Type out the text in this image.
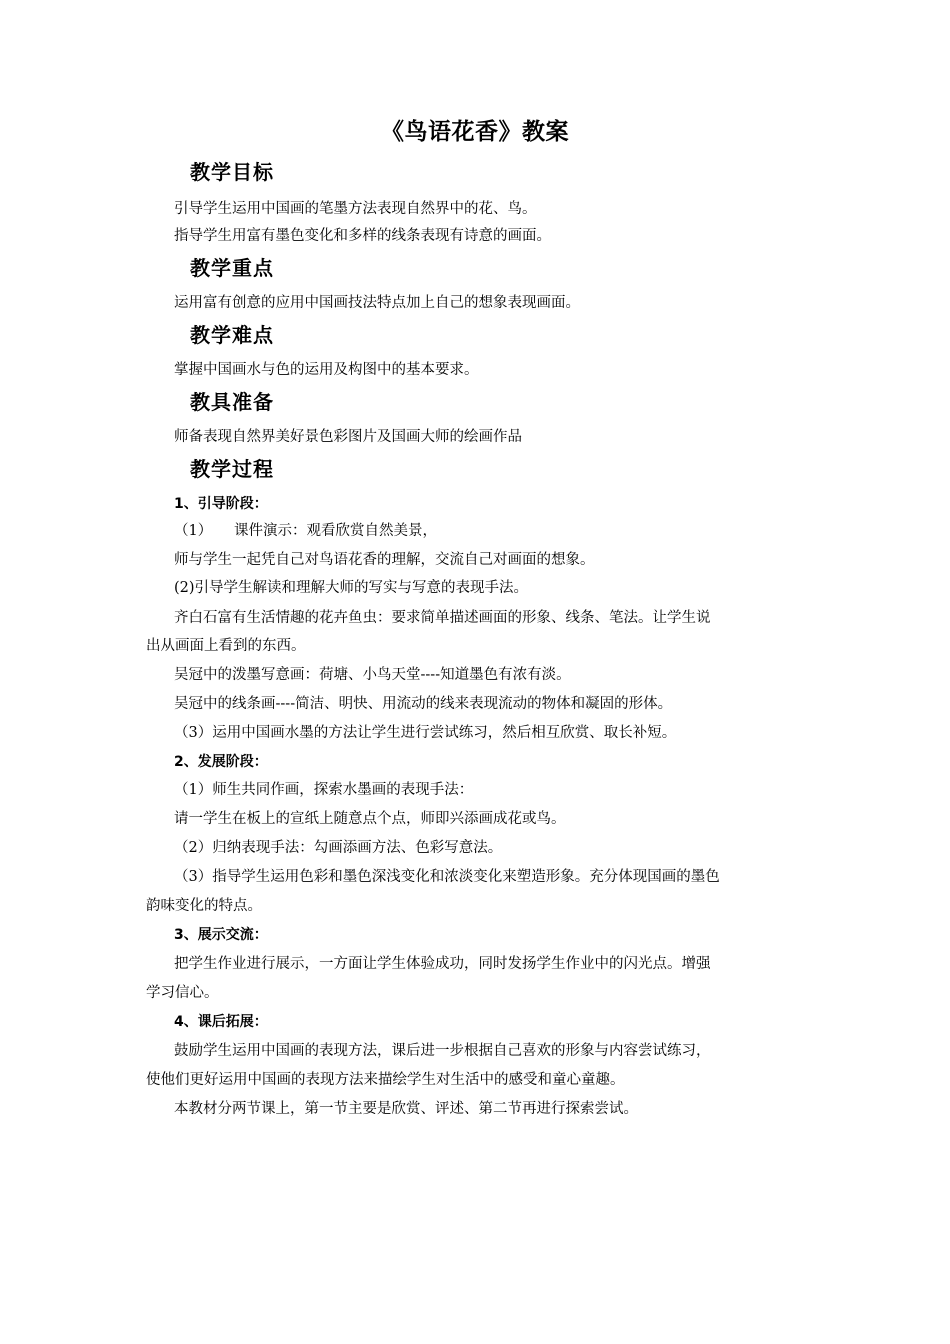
《鸟语花香》教案
教学目标
引导学生运用中国画的笔墨方法表现自然界中的花、鸟。
指导学生用富有墨色变化和多样的线条表现有诗意的画面。
教学重点
运用富有创意的应用中国画技法特点加上自己的想象表现画面。
教学难点
掌握中国画水与色的运用及构图中的基本要求。
教具准备
师备表现自然界美好景色彩图片及国画大师的绘画作品
教学过程
1、引导阶段：
（1）　　课件演示：观看欣赏自然美景，
师与学生一起凭自己对鸟语花香的理解，交流自己对画面的想象。
(2)引导学生解读和理解大师的写实与写意的表现手法。
齐白石富有生活情趣的花卉鱼虫：要求简单描述画面的形象、线条、笔法。让学生说
出从画面上看到的东西。
吴冠中的泼墨写意画：荷塘、小鸟天堂----知道墨色有浓有淡。
吴冠中的线条画----简洁、明快、用流动的线来表现流动的物体和凝固的形体。
（3）运用中国画水墨的方法让学生进行尝试练习，然后相互欣赏、取长补短。
2、发展阶段：
（1）师生共同作画，探索水墨画的表现手法：
请一学生在板上的宣纸上随意点个点，师即兴添画成花或鸟。
（2）归纳表现手法：勾画添画方法、色彩写意法。
（3）指导学生运用色彩和墨色深浅变化和浓淡变化来塑造形象。充分体现国画的墨色
韵味变化的特点。
3、展示交流：
把学生作业进行展示，一方面让学生体验成功，同时发扬学生作业中的闪光点。增强
学习信心。
4、课后拓展：
鼓励学生运用中国画的表现方法，课后进一步根据自己喜欢的形象与内容尝试练习，
使他们更好运用中国画的表现方法来描绘学生对生活中的感受和童心童趣。
本教材分两节课上，第一节主要是欣赏、评述、第二节再进行探索尝试。
